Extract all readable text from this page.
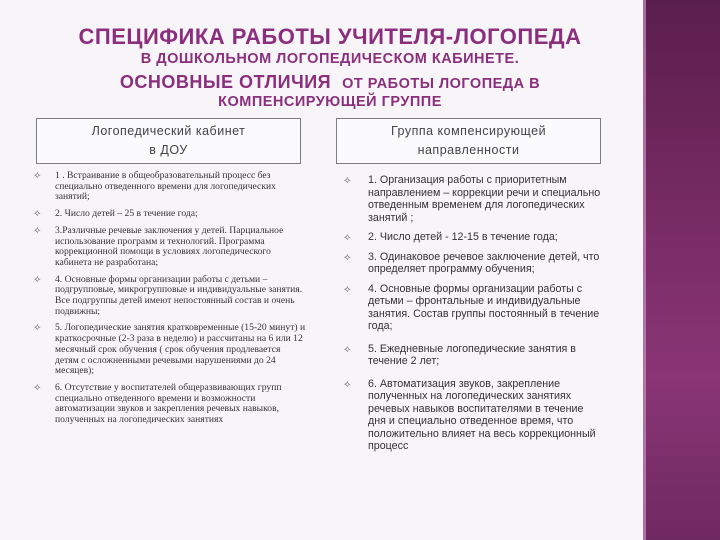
СПЕЦИФИКА РАБОТЫ УЧИТЕЛЯ-ЛОГОПЕДА
В ДОШКОЛЬНОМ ЛОГОПЕДИЧЕСКОМ КАБИНЕТЕ.
ОСНОВНЫЕ ОТЛИЧИЯ ОТ РАБОТЫ ЛОГОПЕДА В
КОМПЕНСИРУЮЩЕЙ ГРУППЕ
Логопедический кабинет
в ДОУ
Группа компенсирующей
направленности
⟡ 1 . Встраивание в общеобразовательный процесс без специально отведенного времени для логопедических занятий;
⟡ 2. Число детей – 25 в течение года;
⟡ 3.Различные речевые заключения у детей. Парциальное использование программ и технологий. Программа коррекционной помощи в условиях логопедического кабинета не разработана;
⟡ 4. Основные формы организации работы с детьми – подгрупповые, микрогрупповые и индивидуальные занятия. Все подгруппы детей имеют непостоянный состав и очень подвижны;
⟡ 5. Логопедические занятия кратковременные (15-20 минут) и краткосрочные (2-3 раза в неделю) и рассчитаны на 6 или 12 месячный срок обучения ( срок обучения продлевается детям с осложненными речевыми нарушениями до 24 месяцев);
⟡ 6. Отсутствие у воспитателей общеразвивающих групп специально отведенного времени и возможности автоматизации звуков и закрепления речевых навыков, полученных на логопедических занятиях
⟡ 1. Организация работы с приоритетным направлением – коррекции речи и специально отведенным временем для логопедических занятий ;
⟡ 2. Число детей - 12-15 в течение года;
⟡ 3. Одинаковое речевое заключение детей, что определяет программу обучения;
⟡ 4. Основные формы организации работы с детьми – фронтальные и индивидуальные занятия. Состав группы постоянный в течение года;
⟡ 5. Ежедневные логопедические занятия в течение 2 лет;
⟡ 6. Автоматизация звуков, закрепление полученных на логопедических занятиях речевых навыков воспитателями в течение дня и специально отведенное время, что положительно влияет на весь коррекционный процесс
